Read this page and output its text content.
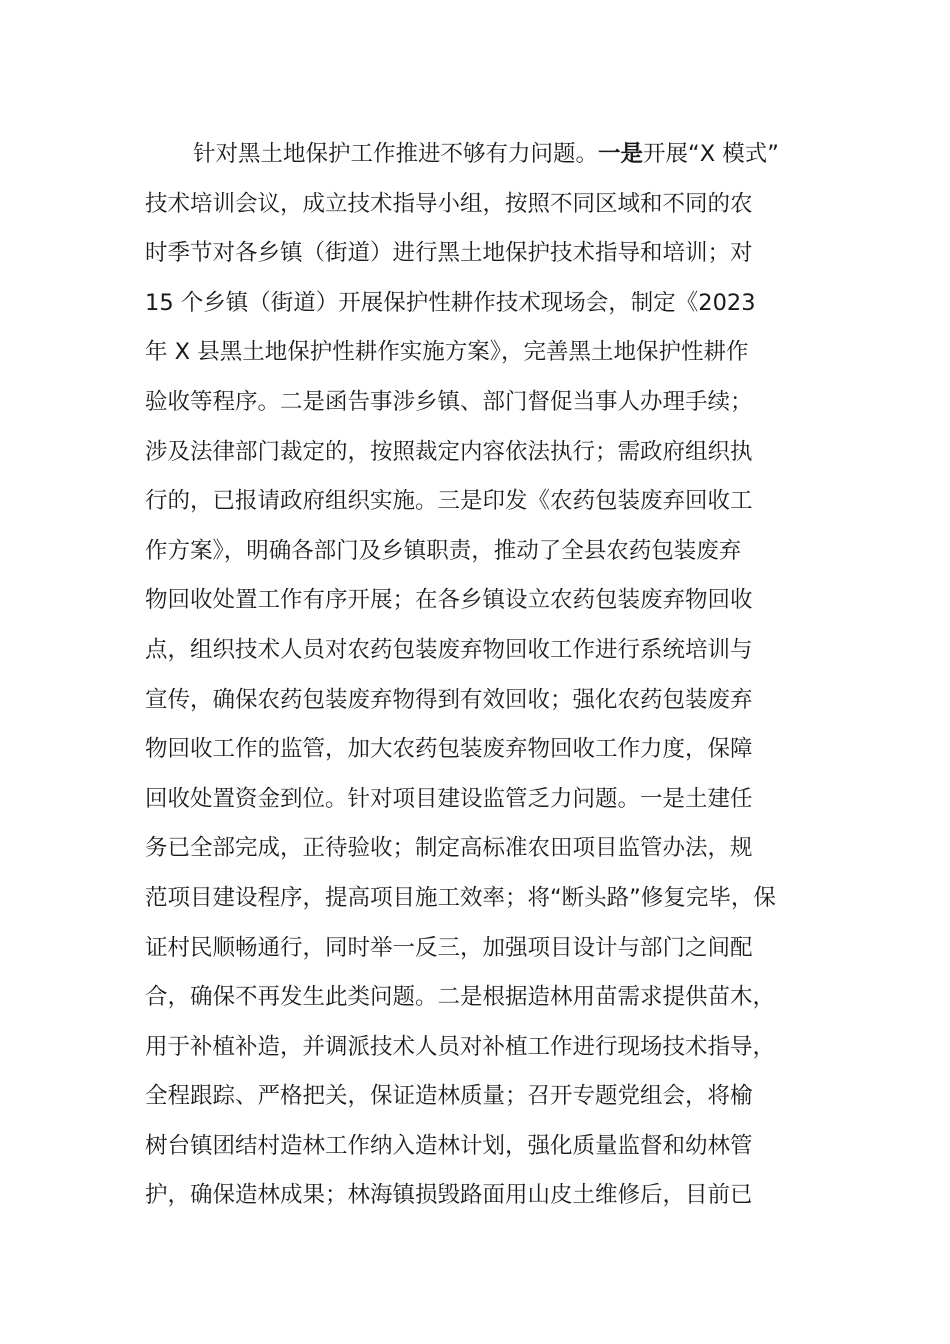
针对黑土地保护工作推进不够有力问题。一是开展“X 模式”
技术培训会议，成立技术指导小组，按照不同区域和不同的农
时季节对各乡镇（街道）进行黑土地保护技术指导和培训；对
15 个乡镇（街道）开展保护性耕作技术现场会，制定《2023
年 X 县黑土地保护性耕作实施方案》，完善黑土地保护性耕作
验收等程序。二是函告事涉乡镇、部门督促当事人办理手续；
涉及法律部门裁定的，按照裁定内容依法执行；需政府组织执
行的，已报请政府组织实施。三是印发《农药包装废弃回收工
作方案》，明确各部门及乡镇职责，推动了全县农药包装废弃
物回收处置工作有序开展；在各乡镇设立农药包装废弃物回收
点，组织技术人员对农药包装废弃物回收工作进行系统培训与
宣传，确保农药包装废弃物得到有效回收；强化农药包装废弃
物回收工作的监管，加大农药包装废弃物回收工作力度，保障
回收处置资金到位。针对项目建设监管乏力问题。一是土建任
务已全部完成，正待验收；制定高标准农田项目监管办法，规
范项目建设程序，提高项目施工效率；将“断头路”修复完毕，保
证村民顺畅通行，同时举一反三，加强项目设计与部门之间配
合，确保不再发生此类问题。二是根据造林用苗需求提供苗木，
用于补植补造，并调派技术人员对补植工作进行现场技术指导，
全程跟踪、严格把关，保证造林质量；召开专题党组会，将榆
树台镇团结村造林工作纳入造林计划，强化质量监督和幼林管
护，确保造林成果；林海镇损毁路面用山皮土维修后，目前已
